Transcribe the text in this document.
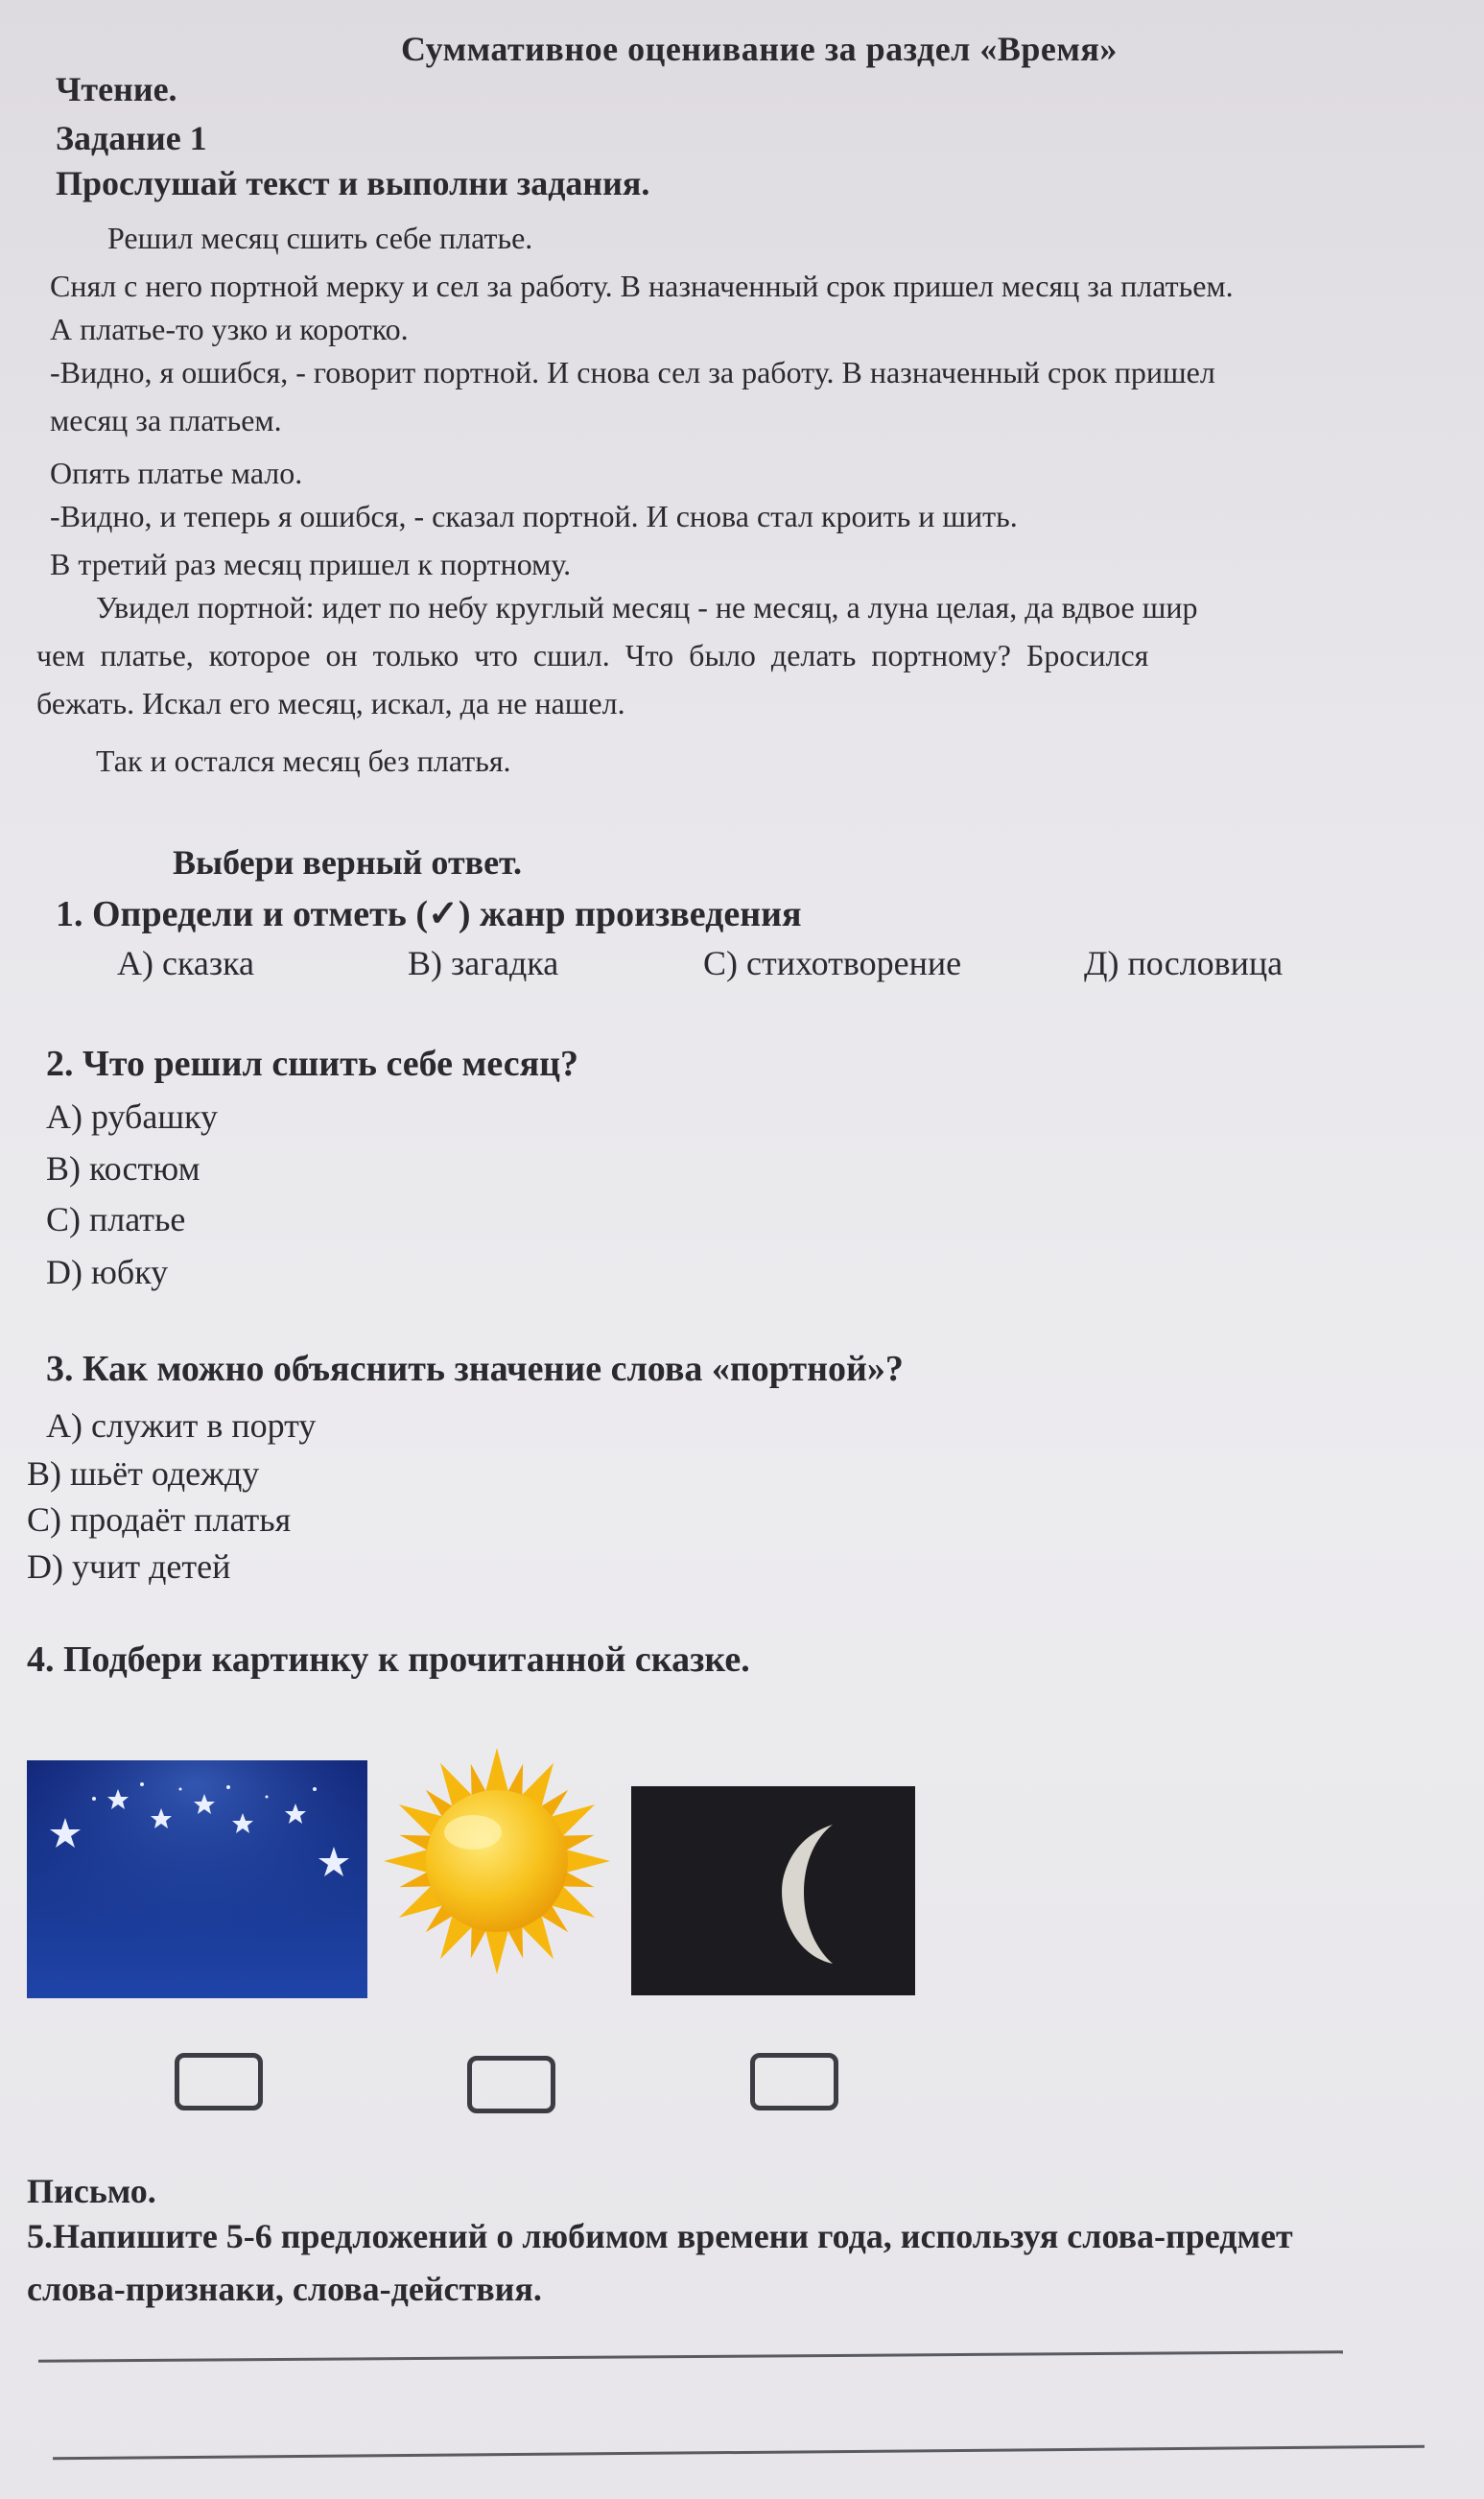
Суммативное оценивание за раздел «Время»
Чтение.
Задание 1
Прослушай текст и выполни задания.
Решил месяц сшить себе платье.
Снял с него портной мерку и сел за работу. В назначенный срок пришел месяц за платьем.
А платье-то узко и коротко.
-Видно, я ошибся, - говорит портной. И снова сел за работу. В назначенный срок пришел
месяц за платьем.
Опять платье мало.
-Видно, и теперь я ошибся, - сказал портной. И снова стал кроить и шить.
В третий раз месяц пришел к портному.
Увидел портной: идет по небу круглый месяц - не месяц, а луна целая, да вдвое шир
чем платье, которое он только что сшил. Что было делать портному? Бросился
бежать. Искал его месяц, искал, да не нашел.
Так и остался месяц без платья.
Выбери верный ответ.
1. Определи и отметь (✓) жанр произведения
A) сказка	B) загадка	C) стихотворение	Д) пословица
2. Что решил сшить себе месяц?
A) рубашку
B) костюм
C) платье
D) юбку
3. Как можно объяснить значение слова «портной»?
A) служит в порту
B) шьёт одежду
C) продаёт платья
D) учит детей
4. Подбери картинку к прочитанной сказке.
Письмо.
5.Напишите 5-6 предложений о любимом времени года, используя слова-предмет
слова-признаки, слова-действия.
